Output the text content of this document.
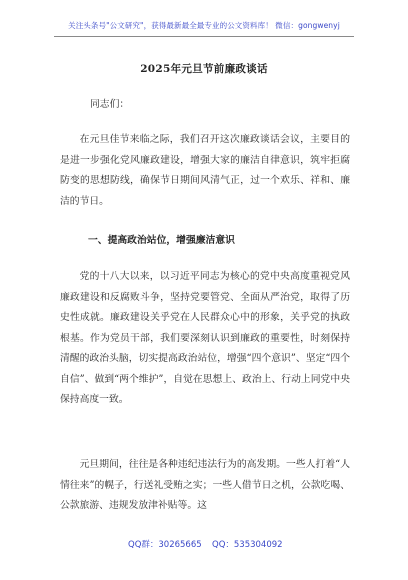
关注头条号"公文研究"，获得最新最全最专业的公文资料库！ 微信：gongwenyj
2025年元旦节前廉政谈话
同志们：
在元旦佳节来临之际，我们召开这次廉政谈话会议，主要目的是进一步强化党风廉政建设，增强大家的廉洁自律意识，筑牢拒腐防变的思想防线，确保节日期间风清气正，过一个欢乐、祥和、廉洁的节日。
一、提高政治站位，增强廉洁意识
党的十八大以来，以习近平同志为核心的党中央高度重视党风廉政建设和反腐败斗争，坚持党要管党、全面从严治党，取得了历史性成就。廉政建设关乎党在人民群众心中的形象，关乎党的执政根基。作为党员干部，我们要深刻认识到廉政的重要性，时刻保持清醒的政治头脑，切实提高政治站位，增强“四个意识”、坚定“四个自信”、做到“两个维护”，自觉在思想上、政治上、行动上同党中央保持高度一致。
元旦期间，往往是各种违纪违法行为的高发期。一些人打着“人情往来”的幌子，行送礼受贿之实；一些人借节日之机，公款吃喝、公款旅游、违规发放津补贴等。这
QQ群：30265665 QQ：535304092
